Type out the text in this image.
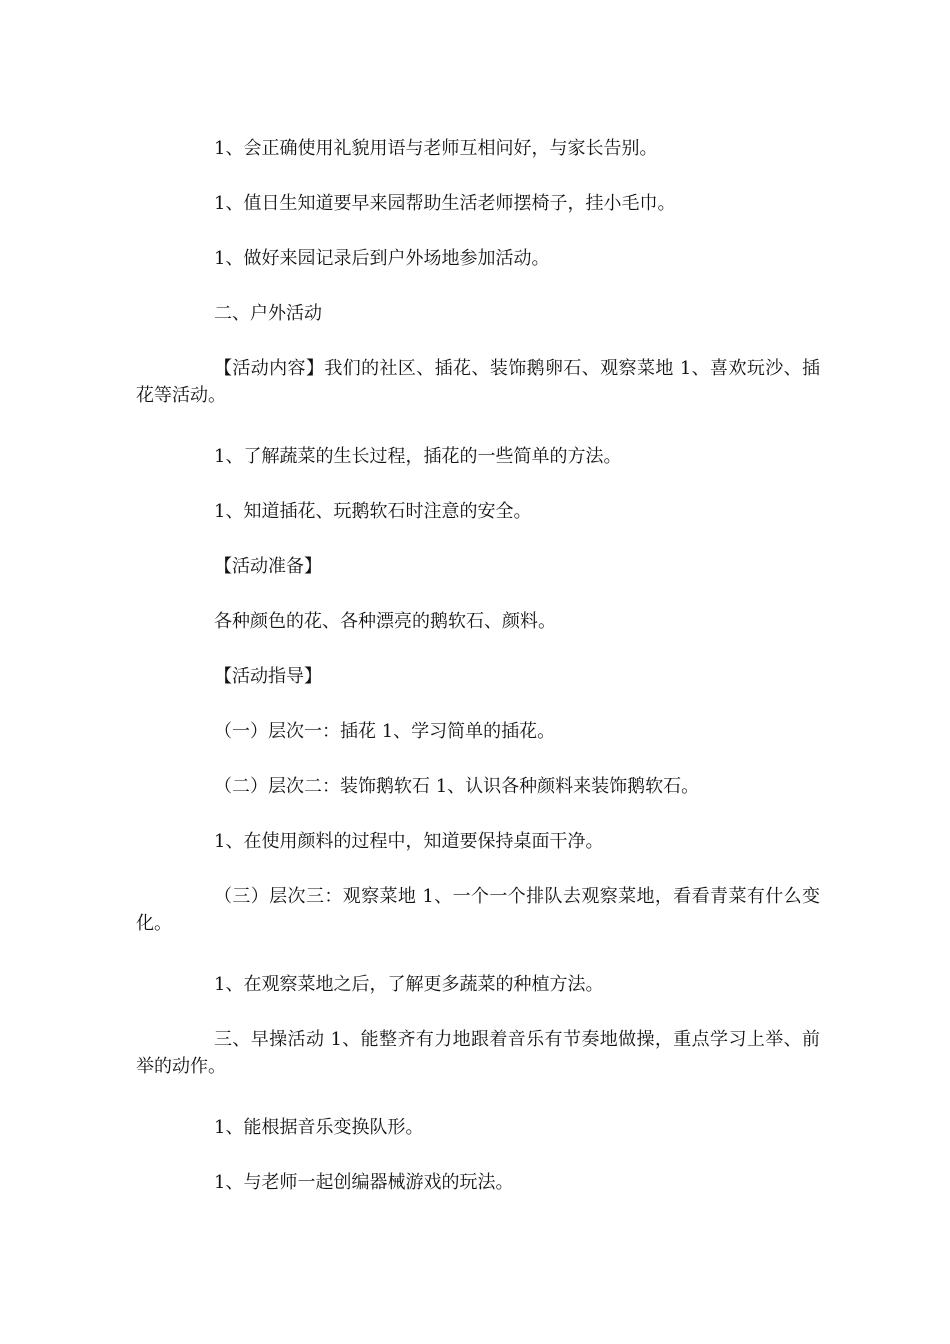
1、会正确使用礼貌用语与老师互相问好，与家长告别。

1、值日生知道要早来园帮助生活老师摆椅子，挂小毛巾。

1、做好来园记录后到户外场地参加活动。

二、户外活动

【活动内容】我们的社区、插花、装饰鹅卵石、观察菜地 1、喜欢玩沙、插花等活动。

1、了解蔬菜的生长过程，插花的一些简单的方法。

1、知道插花、玩鹅软石时注意的安全。

【活动准备】

各种颜色的花、各种漂亮的鹅软石、颜料。

【活动指导】

（一）层次一：插花 1、学习简单的插花。

（二）层次二：装饰鹅软石 1、认识各种颜料来装饰鹅软石。

1、在使用颜料的过程中，知道要保持桌面干净。

（三）层次三：观察菜地 1、一个一个排队去观察菜地，看看青菜有什么变化。

1、在观察菜地之后，了解更多蔬菜的种植方法。

三、早操活动 1、能整齐有力地跟着音乐有节奏地做操，重点学习上举、前举的动作。

1、能根据音乐变换队形。

1、与老师一起创编器械游戏的玩法。
